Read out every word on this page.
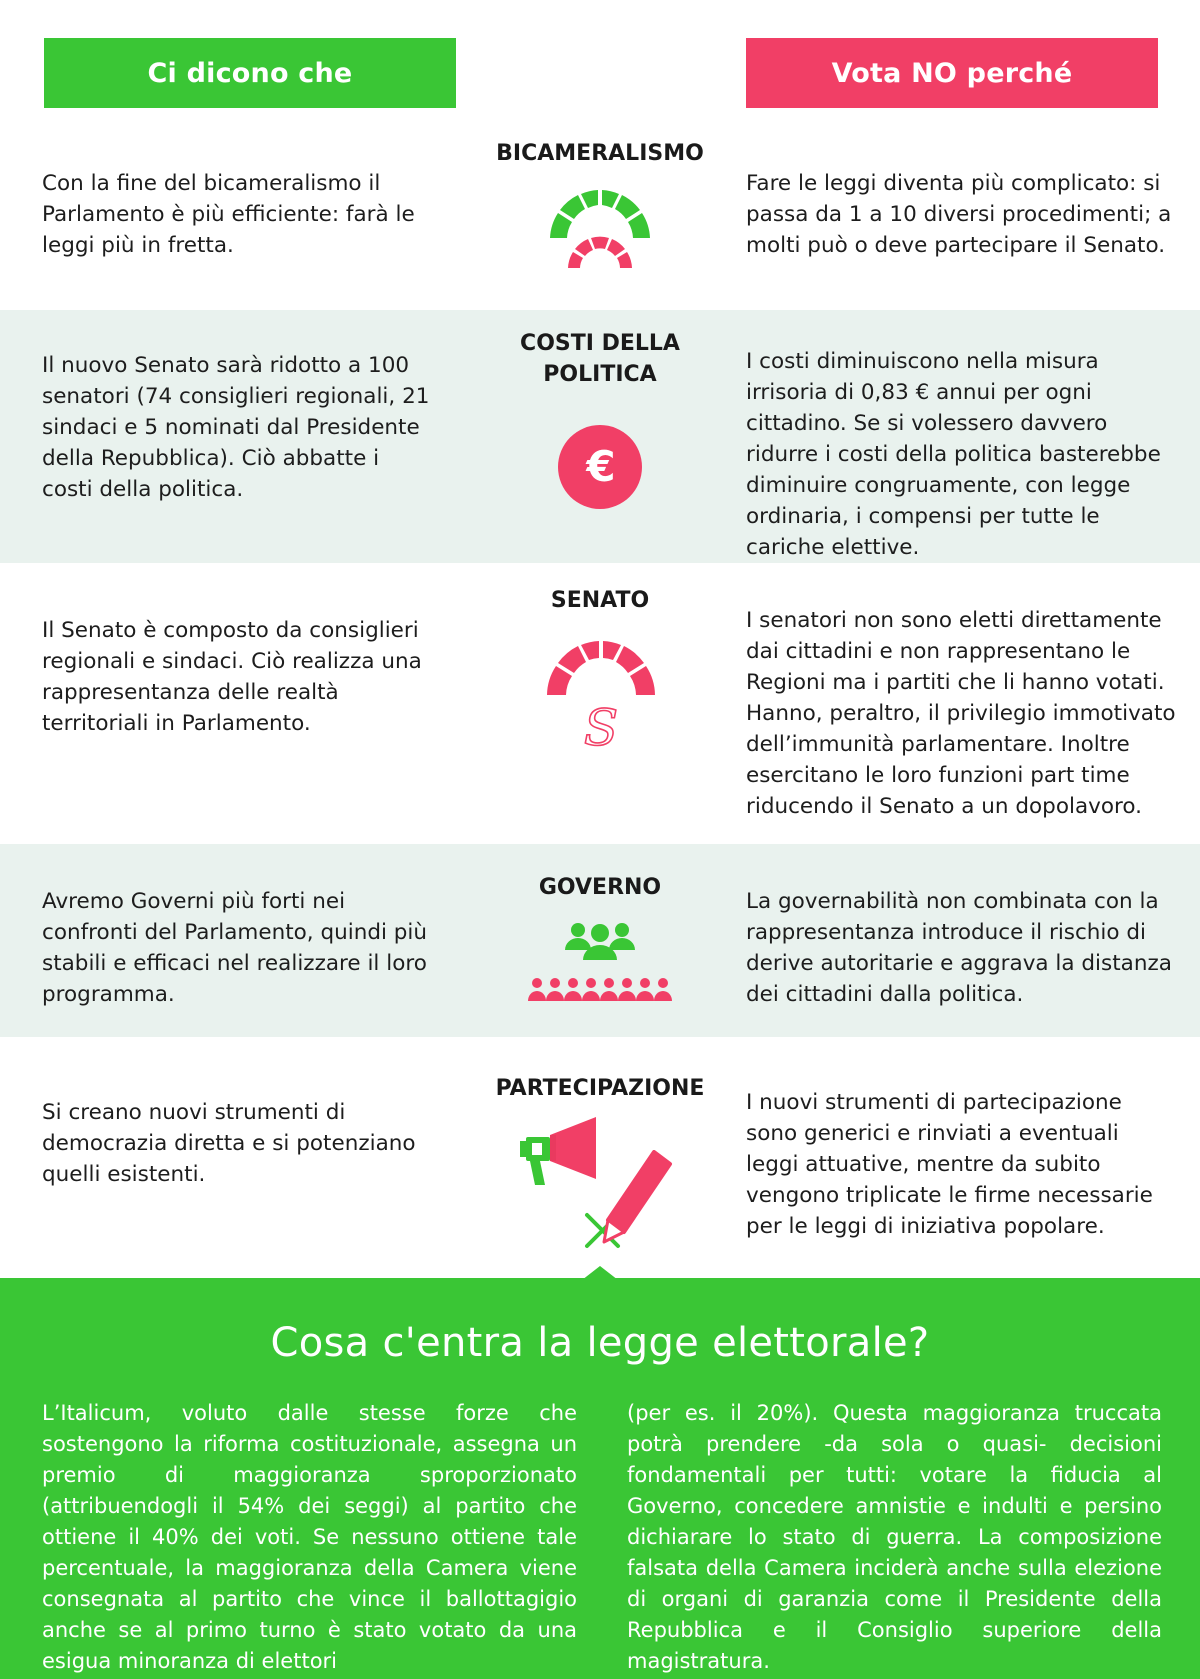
Ci dicono che	Vota NO perché
BICAMERALISMO

Con la fine del bicameralismo il Parlamento è più efficiente: farà le leggi più in fretta.

Fare le leggi diventa più complicato: si passa da 1 a 10 diversi procedimenti; a molti può o deve partecipare il Senato.

COSTI DELLA POLITICA

Il nuovo Senato sarà ridotto a 100 senatori (74 consiglieri regionali, 21 sindaci e 5 nominati dal Presidente della Repubblica). Ciò abbatte i costi della politica.

I costi diminuiscono nella misura irrisoria di 0,83 € annui per ogni cittadino. Se si volessero davvero ridurre i costi della politica basterebbe diminuire congruamente, con legge ordinaria, i compensi per tutte le cariche elettive.

€
SENATO

Il Senato è composto da consiglieri regionali e sindaci. Ciò realizza una rappresentanza delle realtà territoriali in Parlamento.

I senatori non sono eletti direttamente dai cittadini e non rappresentano le Regioni ma i partiti che li hanno votati. Hanno, peraltro, il privilegio immotivato dell’immunità parlamentare. Inoltre esercitano le loro funzioni part time riducendo il Senato a un dopolavoro.

S
GOVERNO

Avremo Governi più forti nei confronti del Parlamento, quindi più stabili e efficaci nel realizzare il loro programma.

La governabilità non combinata con la rappresentanza introduce il rischio di derive autoritarie e aggrava la distanza dei cittadini dalla politica.

PARTECIPAZIONE

Si creano nuovi strumenti di democrazia diretta e si potenziano quelli esistenti.

I nuovi strumenti di partecipazione sono generici e rinviati a eventuali leggi attuative, mentre da subito vengono triplicate le firme necessarie per le leggi di iniziativa popolare.

Cosa c'entra la legge elettorale?

L’Italicum, voluto dalle stesse forze che sostengono la riforma costituzionale, assegna un premio di maggioranza sproporzionato (attribuendogli il 54% dei seggi) al partito che ottiene il 40% dei voti. Se nessuno ottiene tale percentuale, la maggioranza della Camera viene consegnata al partito che vince il ballottagigio anche se al primo turno è stato votato da una esigua minoranza di elettori

(per es. il 20%). Questa maggioranza truccata potrà prendere -da sola o quasi- decisioni fondamentali per tutti: votare la fiducia al Governo, concedere amnistie e indulti e persino dichiarare lo stato di guerra. La composizione falsata della Camera inciderà anche sulla elezione di organi di garanzia come il Presidente della Repubblica e il Consiglio superiore della magistratura.
